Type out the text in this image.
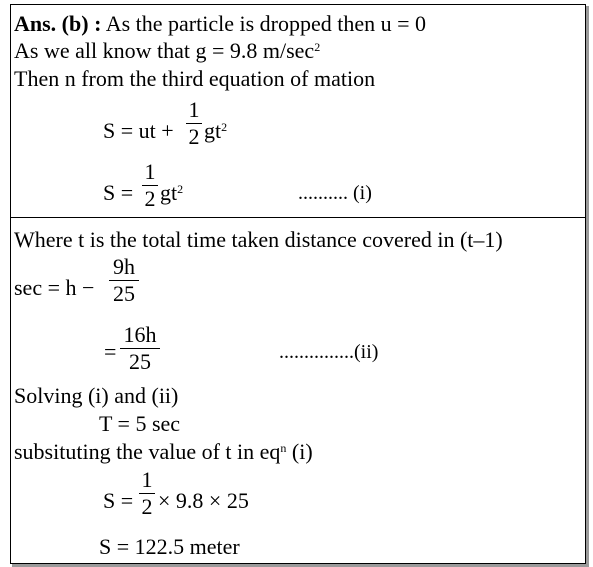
Ans. (b) : As the particle is dropped then u = 0
As we all know that g = 9.8 $m/\sec^2$
Then n from the third equation of mation
S = ut +
1
2 $gt^2$
S =
1
2 $gt^2$	.......... (i)
Where t is the total time taken distance covered in (t–1)
sec = h −
9h
25
=
16h
25	...............(ii)
Solving (i) and (ii)
T = 5 sec
subsituting the value of t in $eq^n$ (i)
S =
1
2 × 9.8 × 25
S = 122.5 meter
